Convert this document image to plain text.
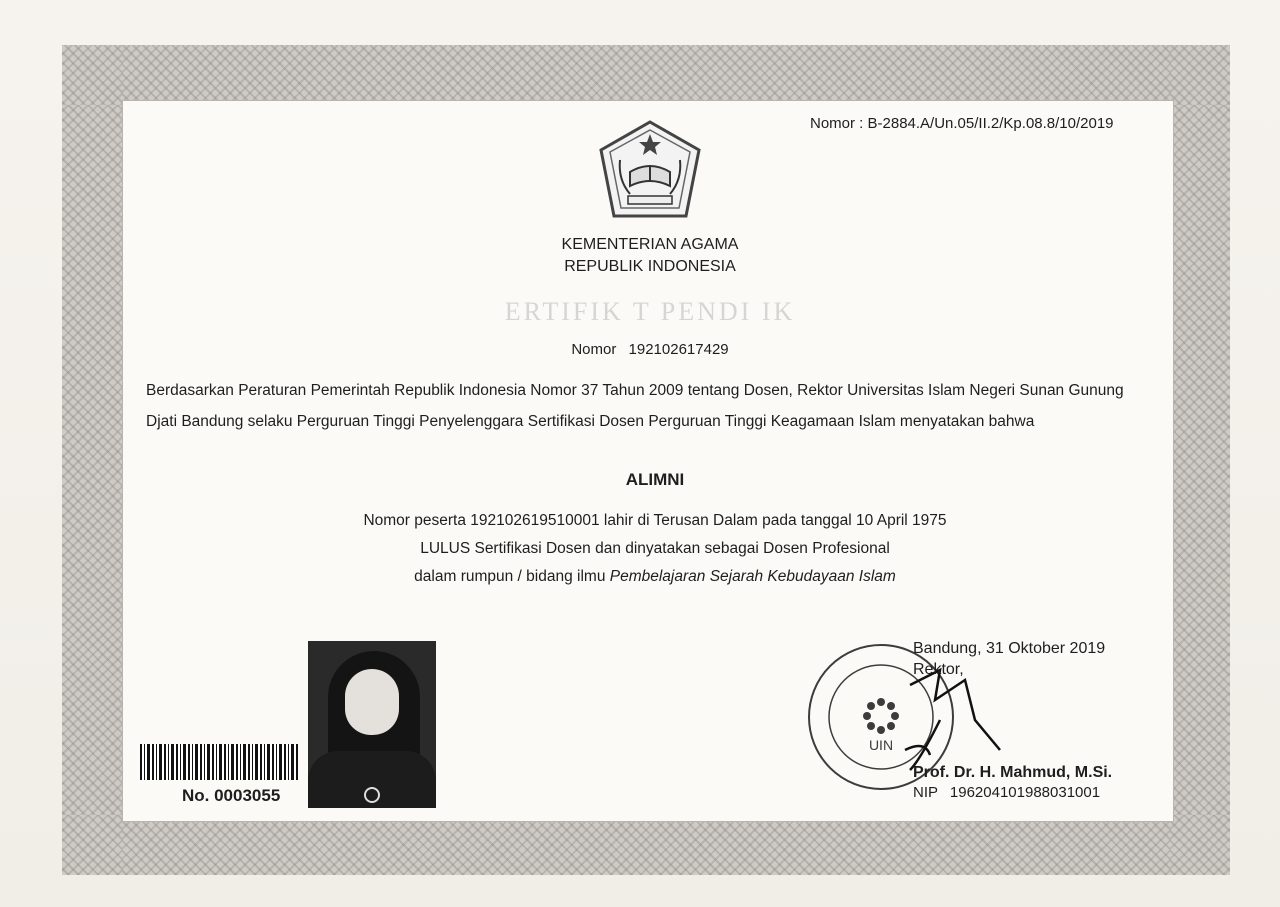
Nomor : B-2884.A/Un.05/II.2/Kp.08.8/10/2019
KEMENTERIAN AGAMA
REPUBLIK INDONESIA
ERTIFIK T PENDI IK
Nomor 192102617429
Berdasarkan Peraturan Pemerintah Republik Indonesia Nomor 37 Tahun 2009 tentang Dosen, Rektor Universitas Islam Negeri Sunan Gunung Djati Bandung selaku Perguruan Tinggi Penyelenggara Sertifikasi Dosen Perguruan Tinggi Keagamaan Islam menyatakan bahwa
ALIMNI
Nomor peserta 192102619510001 lahir di Terusan Dalam pada tanggal 10 April 1975
LULUS Sertifikasi Dosen dan dinyatakan sebagai Dosen Profesional
dalam rumpun / bidang ilmu Pembelajaran Sejarah Kebudayaan Islam
No. 0003055
UIN
Bandung, 31 Oktober 2019
Rektor,
Prof. Dr. H. Mahmud, M.Si.
NIP 196204101988031001
